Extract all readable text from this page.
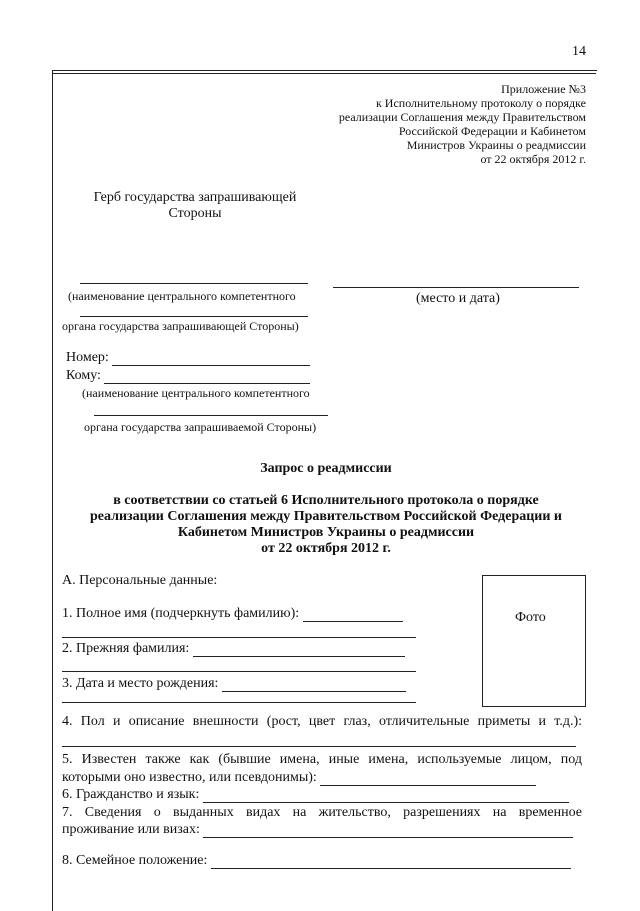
14
Приложение №3
к Исполнительному протоколу о порядке
реализации Соглашения между Правительством
Российской Федерации и Кабинетом
Министров Украины о реадмиссии
от 22 октября 2012 г.
Герб государства запрашивающей
Стороны
(наименование центрального компетентного
органа государства запрашивающей Стороны)
(место и дата)
Номер:
Кому:
(наименование центрального компетентного
органа государства запрашиваемой Стороны)
Запрос о реадмиссии
в соответствии со статьей 6 Исполнительного протокола о порядке
реализации Соглашения между Правительством Российской Федерации и
Кабинетом Министров Украины о реадмиссии
от 22 октября 2012 г.
Фото
А. Персональные данные:
1. Полное имя (подчеркнуть фамилию):
2. Прежняя фамилия:
3. Дата и место рождения:
4. Пол и описание внешности (рост, цвет глаз, отличительные приметы и т.д.):
5. Известен также как (бывшие имена, иные имена, используемые лицом, под
которыми оно известно, или псевдонимы):
6. Гражданство и язык:
7. Сведения о выданных видах на жительство, разрешениях на временное
проживание или визах:
8. Семейное положение:
